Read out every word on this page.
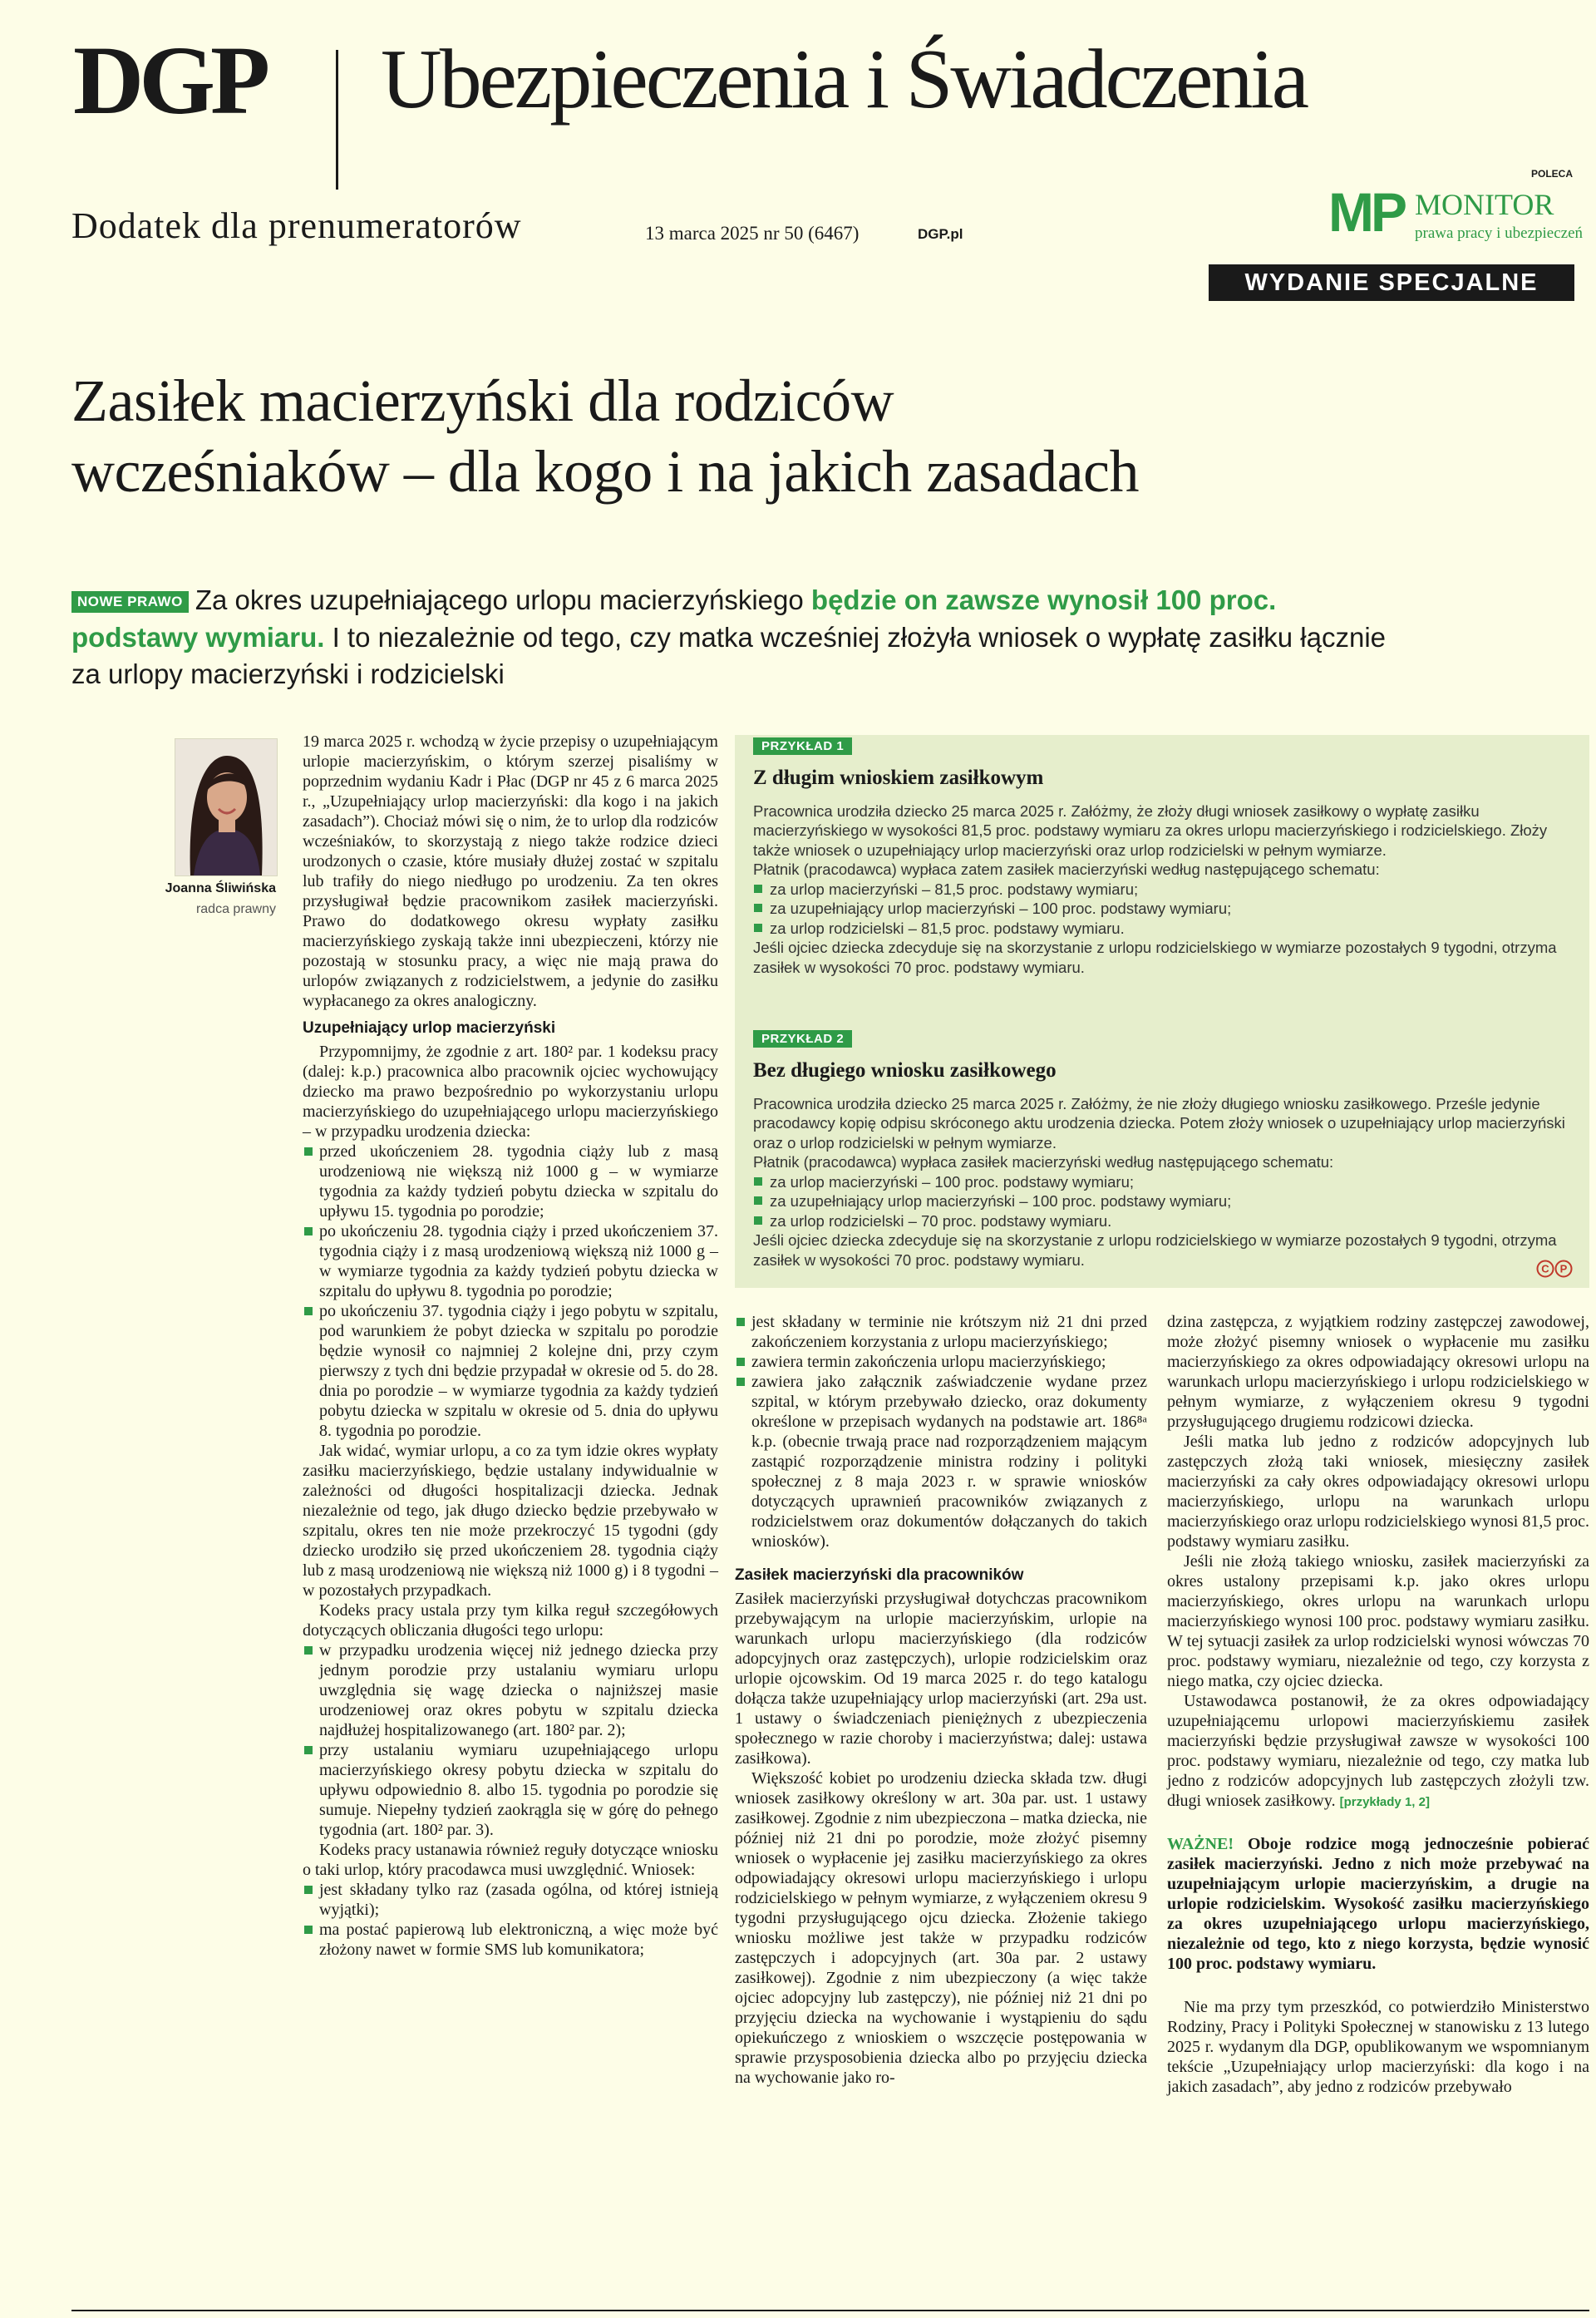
DGP Ubezpieczenia i Świadczenia
Dodatek dla prenumeratorów	13 marca 2025 nr 50 (6467)	DGP.pl
POLECA
MP MONITOR
prawa pracy i ubezpieczeń
WYDANIE SPECJALNE
Zasiłek macierzyński dla rodziców
wcześniaków – dla kogo i na jakich zasadach
NOWE PRAWO Za okres uzupełniającego urlopu macierzyńskiego będzie on zawsze wynosił 100 proc. podstawy wymiaru. I to niezależnie od tego, czy matka wcześniej złożyła wniosek o wypłatę zasiłku łącznie za urlopy macierzyński i rodzicielski
Joanna Śliwińska
radca prawny

19 marca 2025 r. wchodzą w życie przepisy o uzupełniającym urlopie macierzyńskim, o którym szerzej pisaliśmy w poprzednim wydaniu Kadr i Płac (DGP nr 45 z 6 marca 2025 r., „Uzupełniający urlop macierzyński: dla kogo i na jakich zasadach”). Chociaż mówi się o nim, że to urlop dla rodziców wcześniaków, to skorzystają z niego także rodzice dzieci urodzonych o czasie, które musiały dłużej zostać w szpitalu lub trafiły do niego niedługo po urodzeniu. Za ten okres przysługiwał będzie pracownikom zasiłek macierzyński. Prawo do dodatkowego okresu wypłaty zasiłku macierzyńskiego zyskają także inni ubezpieczeni, którzy nie pozostają w stosunku pracy, a więc nie mają prawa do urlopów związanych z rodzicielstwem, a jedynie do zasiłku wypłacanego za okres analogiczny.

Uzupełniający urlop macierzyński

Przypomnijmy, że zgodnie z art. 180² par. 1 kodeksu pracy (dalej: k.p.) pracownica albo pracownik ojciec wychowujący dziecko ma prawo bezpośrednio po wykorzystaniu urlopu macierzyńskiego do uzupełniającego urlopu macierzyńskiego – w przypadku urodzenia dziecka:

przed ukończeniem 28. tygodnia ciąży lub z masą urodzeniową nie większą niż 1000 g – w wymiarze tygodnia za każdy tydzień pobytu dziecka w szpitalu do upływu 15. tygodnia po porodzie;
po ukończeniu 28. tygodnia ciąży i przed ukończeniem 37. tygodnia ciąży i z masą urodzeniową większą niż 1000 g – w wymiarze tygodnia za każdy tydzień pobytu dziecka w szpitalu do upływu 8. tygodnia po porodzie;
po ukończeniu 37. tygodnia ciąży i jego pobytu w szpitalu, pod warunkiem że pobyt dziecka w szpitalu po porodzie będzie wynosił co najmniej 2 kolejne dni, przy czym pierwszy z tych dni będzie przypadał w okresie od 5. do 28. dnia po porodzie – w wymiarze tygodnia za każdy tydzień pobytu dziecka w szpitalu w okresie od 5. dnia do upływu 8. tygodnia po porodzie.

Jak widać, wymiar urlopu, a co za tym idzie okres wypłaty zasiłku macierzyńskiego, będzie ustalany indywidualnie w zależności od długości hospitalizacji dziecka. Jednak niezależnie od tego, jak długo dziecko będzie przebywało w szpitalu, okres ten nie może przekroczyć 15 tygodni (gdy dziecko urodziło się przed ukończeniem 28. tygodnia ciąży lub z masą urodzeniową nie większą niż 1000 g) i 8 tygodni – w pozostałych przypadkach.

Kodeks pracy ustala przy tym kilka reguł szczegółowych dotyczących obliczania długości tego urlopu:

w przypadku urodzenia więcej niż jednego dziecka przy jednym porodzie przy ustalaniu wymiaru urlopu uwzględnia się wagę dziecka o najniższej masie urodzeniowej oraz okres pobytu w szpitalu dziecka najdłużej hospitalizowanego (art. 180² par. 2);
przy ustalaniu wymiaru uzupełniającego urlopu macierzyńskiego okresy pobytu dziecka w szpitalu do upływu odpowiednio 8. albo 15. tygodnia po porodzie się sumuje. Niepełny tydzień zaokrągla się w górę do pełnego tygodnia (art. 180² par. 3).

Kodeks pracy ustanawia również reguły dotyczące wniosku o taki urlop, który pracodawca musi uwzględnić. Wniosek:

jest składany tylko raz (zasada ogólna, od której istnieją wyjątki);
ma postać papierową lub elektroniczną, a więc może być złożony nawet w formie SMS lub komunikatora;
PRZYKŁAD 1
Z długim wnioskiem zasiłkowym
Pracownica urodziła dziecko 25 marca 2025 r. Załóżmy, że złoży długi wniosek zasiłkowy o wypłatę zasiłku macierzyńskiego w wysokości 81,5 proc. podstawy wymiaru za okres urlopu macierzyńskiego i rodzicielskiego. Złoży także wniosek o uzupełniający urlop macierzyński oraz urlop rodzicielski w pełnym wymiarze.
Płatnik (pracodawca) wypłaca zatem zasiłek macierzyński według następującego schematu:
za urlop macierzyński – 81,5 proc. podstawy wymiaru;
za uzupełniający urlop macierzyński – 100 proc. podstawy wymiaru;
za urlop rodzicielski – 81,5 proc. podstawy wymiaru.
Jeśli ojciec dziecka zdecyduje się na skorzystanie z urlopu rodzicielskiego w wymiarze pozostałych 9 tygodni, otrzyma zasiłek w wysokości 70 proc. podstawy wymiaru.
PRZYKŁAD 2
Bez długiego wniosku zasiłkowego
Pracownica urodziła dziecko 25 marca 2025 r. Załóżmy, że nie złoży długiego wniosku zasiłkowego. Prześle jedynie pracodawcy kopię odpisu skróconego aktu urodzenia dziecka. Potem złoży wniosek o uzupełniający urlop macierzyński oraz o urlop rodzicielski w pełnym wymiarze.
Płatnik (pracodawca) wypłaca zasiłek macierzyński według następującego schematu:
za urlop macierzyński – 100 proc. podstawy wymiaru;
za uzupełniający urlop macierzyński – 100 proc. podstawy wymiaru;
za urlop rodzicielski – 70 proc. podstawy wymiaru.
Jeśli ojciec dziecka zdecyduje się na skorzystanie z urlopu rodzicielskiego w wymiarze pozostałych 9 tygodni, otrzyma zasiłek w wysokości 70 proc. podstawy wymiaru.
C P
jest składany w terminie nie krótszym niż 21 dni przed zakończeniem korzystania z urlopu macierzyńskiego;
zawiera termin zakończenia urlopu macierzyńskiego;
zawiera jako załącznik zaświadczenie wydane przez szpital, w którym przebywało dziecko, oraz dokumenty określone w przepisach wydanych na podstawie art. 186⁸ᵃ k.p. (obecnie trwają prace nad rozporządzeniem mającym zastąpić rozporządzenie ministra rodziny i polityki społecznej z 8 maja 2023 r. w sprawie wniosków dotyczących uprawnień pracowników związanych z rodzicielstwem oraz dokumentów dołączanych do takich wniosków).
Zasiłek macierzyński dla pracowników

Zasiłek macierzyński przysługiwał dotychczas pracownikom przebywającym na urlopie macierzyńskim, urlopie na warunkach urlopu macierzyńskiego (dla rodziców adopcyjnych oraz zastępczych), urlopie rodzicielskim oraz urlopie ojcowskim. Od 19 marca 2025 r. do tego katalogu dołącza także uzupełniający urlop macierzyński (art. 29a ust. 1 ustawy o świadczeniach pieniężnych z ubezpieczenia społecznego w razie choroby i macierzyństwa; dalej: ustawa zasiłkowa).

Większość kobiet po urodzeniu dziecka składa tzw. długi wniosek zasiłkowy określony w art. 30a par. ust. 1 ustawy zasiłkowej. Zgodnie z nim ubezpieczona – matka dziecka, nie później niż 21 dni po porodzie, może złożyć pisemny wniosek o wypłacenie jej zasiłku macierzyńskiego za okres odpowiadający okresowi urlopu macierzyńskiego i urlopu rodzicielskiego w pełnym wymiarze, z wyłączeniem okresu 9 tygodni przysługującego ojcu dziecka. Złożenie takiego wniosku możliwe jest także w przypadku rodziców zastępczych i adopcyjnych (art. 30a par. 2 ustawy zasiłkowej). Zgodnie z nim ubezpieczony (a więc także ojciec adopcyjny lub zastępczy), nie później niż 21 dni po przyjęciu dziecka na wychowanie i wystąpieniu do sądu opiekuńczego z wnioskiem o wszczęcie postępowania w sprawie przysposobienia dziecka albo po przyjęciu dziecka na wychowanie jako ro-

dzina zastępcza, z wyjątkiem rodziny zastępczej zawodowej, może złożyć pisemny wniosek o wypłacenie mu zasiłku macierzyńskiego za okres odpowiadający okresowi urlopu na warunkach urlopu macierzyńskiego i urlopu rodzicielskiego w pełnym wymiarze, z wyłączeniem okresu 9 tygodni przysługującego drugiemu rodzicowi dziecka.

Jeśli matka lub jedno z rodziców adopcyjnych lub zastępczych złożą taki wniosek, miesięczny zasiłek macierzyński za cały okres odpowiadający okresowi urlopu macierzyńskiego, urlopu na warunkach urlopu macierzyńskiego oraz urlopu rodzicielskiego wynosi 81,5 proc. podstawy wymiaru zasiłku.

Jeśli nie złożą takiego wniosku, zasiłek macierzyński za okres ustalony przepisami k.p. jako okres urlopu macierzyńskiego, okres urlopu na warunkach urlopu macierzyńskiego wynosi 100 proc. podstawy wymiaru zasiłku. W tej sytuacji zasiłek za urlop rodzicielski wynosi wówczas 70 proc. podstawy wymiaru, niezależnie od tego, czy korzysta z niego matka, czy ojciec dziecka.

Ustawodawca postanowił, że za okres odpowiadający uzupełniającemu urlopowi macierzyńskiemu zasiłek macierzyński będzie przysługiwał zawsze w wysokości 100 proc. podstawy wymiaru, niezależnie od tego, czy matka lub jedno z rodziców adopcyjnych lub zastępczych złożyli tzw. długi wniosek zasiłkowy. [przykłady 1, 2]

WAŻNE! Oboje rodzice mogą jednocześnie pobierać zasiłek macierzyński. Jedno z nich może przebywać na uzupełniającym urlopie macierzyńskim, a drugie na urlopie rodzicielskim. Wysokość zasiłku macierzyńskiego za okres uzupełniającego urlopu macierzyńskiego, niezależnie od tego, kto z niego korzysta, będzie wynosić 100 proc. podstawy wymiaru.

Nie ma przy tym przeszkód, co potwierdziło Ministerstwo Rodziny, Pracy i Polityki Społecznej w stanowisku z 13 lutego 2025 r. wydanym dla DGP, opublikowanym we wspomnianym tekście „Uzupełniający urlop macierzyński: dla kogo i na jakich zasadach”, aby jedno z rodziców przebywało
